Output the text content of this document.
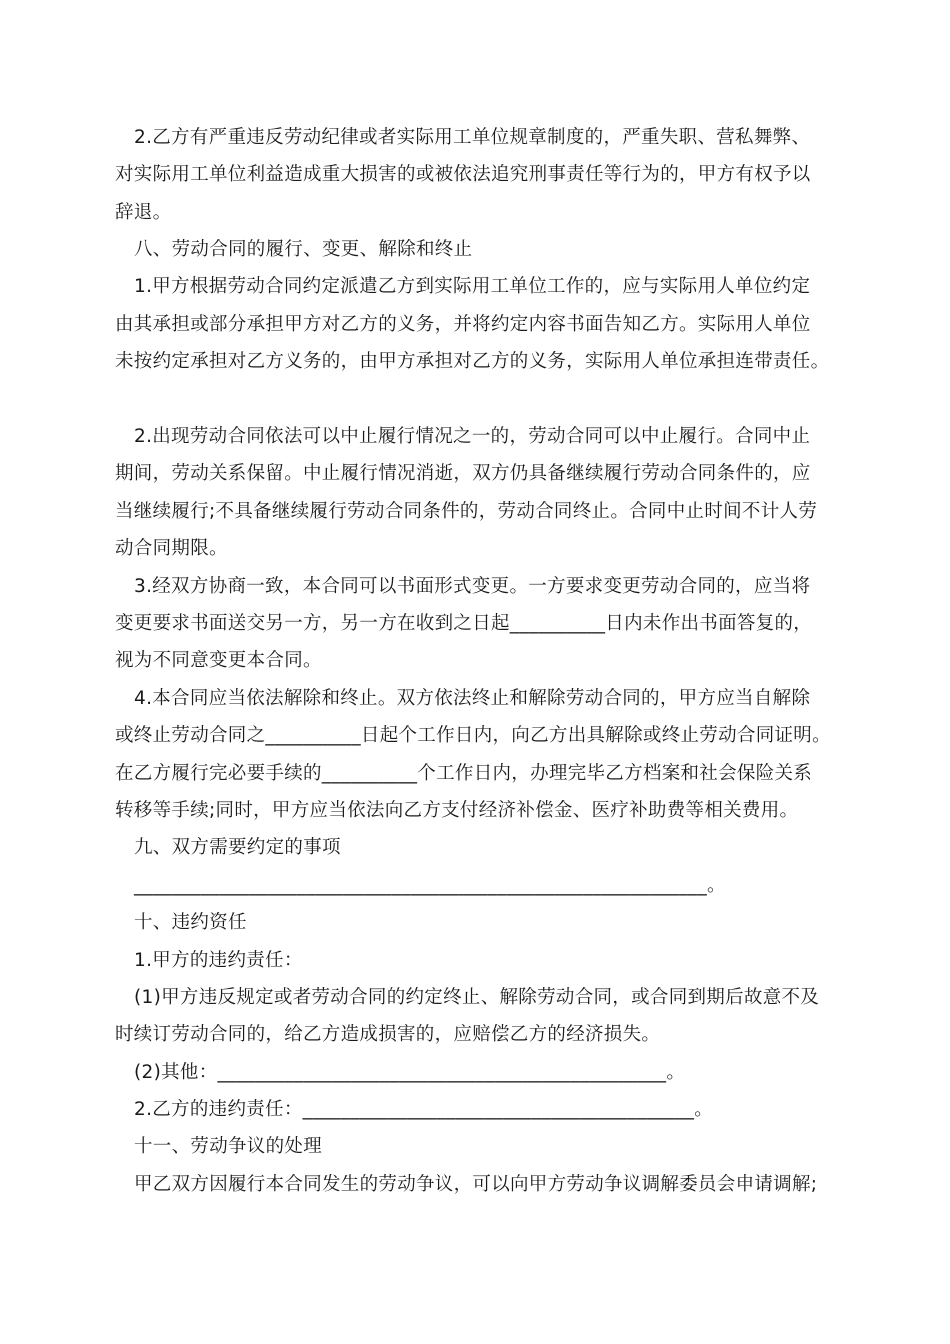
2.乙方有严重违反劳动纪律或者实际用工单位规章制度的，严重失职、营私舞弊、
对实际用工单位利益造成重大损害的或被依法追究刑事责任等行为的，甲方有权予以
辞退。
八、劳动合同的履行、变更、解除和终止
1.甲方根据劳动合同约定派遣乙方到实际用工单位工作的，应与实际用人单位约定
由其承担或部分承担甲方对乙方的义务，并将约定内容书面告知乙方。实际用人单位
未按约定承担对乙方义务的，由甲方承担对乙方的义务，实际用人单位承担连带责任。
2.出现劳动合同依法可以中止履行情况之一的，劳动合同可以中止履行。合同中止
期间，劳动关系保留。中止履行情况消逝，双方仍具备继续履行劳动合同条件的，应
当继续履行;不具备继续履行劳动合同条件的，劳动合同终止。合同中止时间不计人劳
动合同期限。
3.经双方协商一致，本合同可以书面形式变更。一方要求变更劳动合同的，应当将
变更要求书面送交另一方，另一方在收到之日起__________日内未作出书面答复的，
视为不同意变更本合同。
4.本合同应当依法解除和终止。双方依法终止和解除劳动合同的，甲方应当自解除
或终止劳动合同之__________日起个工作日内，向乙方出具解除或终止劳动合同证明。
在乙方履行完必要手续的__________个工作日内，办理完毕乙方档案和社会保险关系
转移等手续;同时，甲方应当依法向乙方支付经济补偿金、医疗补助费等相关费用。
九、双方需要约定的事项
____________________________________________________________。
十、违约资任
1.甲方的违约责任：
(1)甲方违反规定或者劳动合同的约定终止、解除劳动合同，或合同到期后故意不及
时续订劳动合同的，给乙方造成损害的，应赔偿乙方的经济损失。
(2)其他：_______________________________________________。
2.乙方的违约责任：_________________________________________。
十一、劳动争议的处理
甲乙双方因履行本合同发生的劳动争议，可以向甲方劳动争议调解委员会申请调解;
